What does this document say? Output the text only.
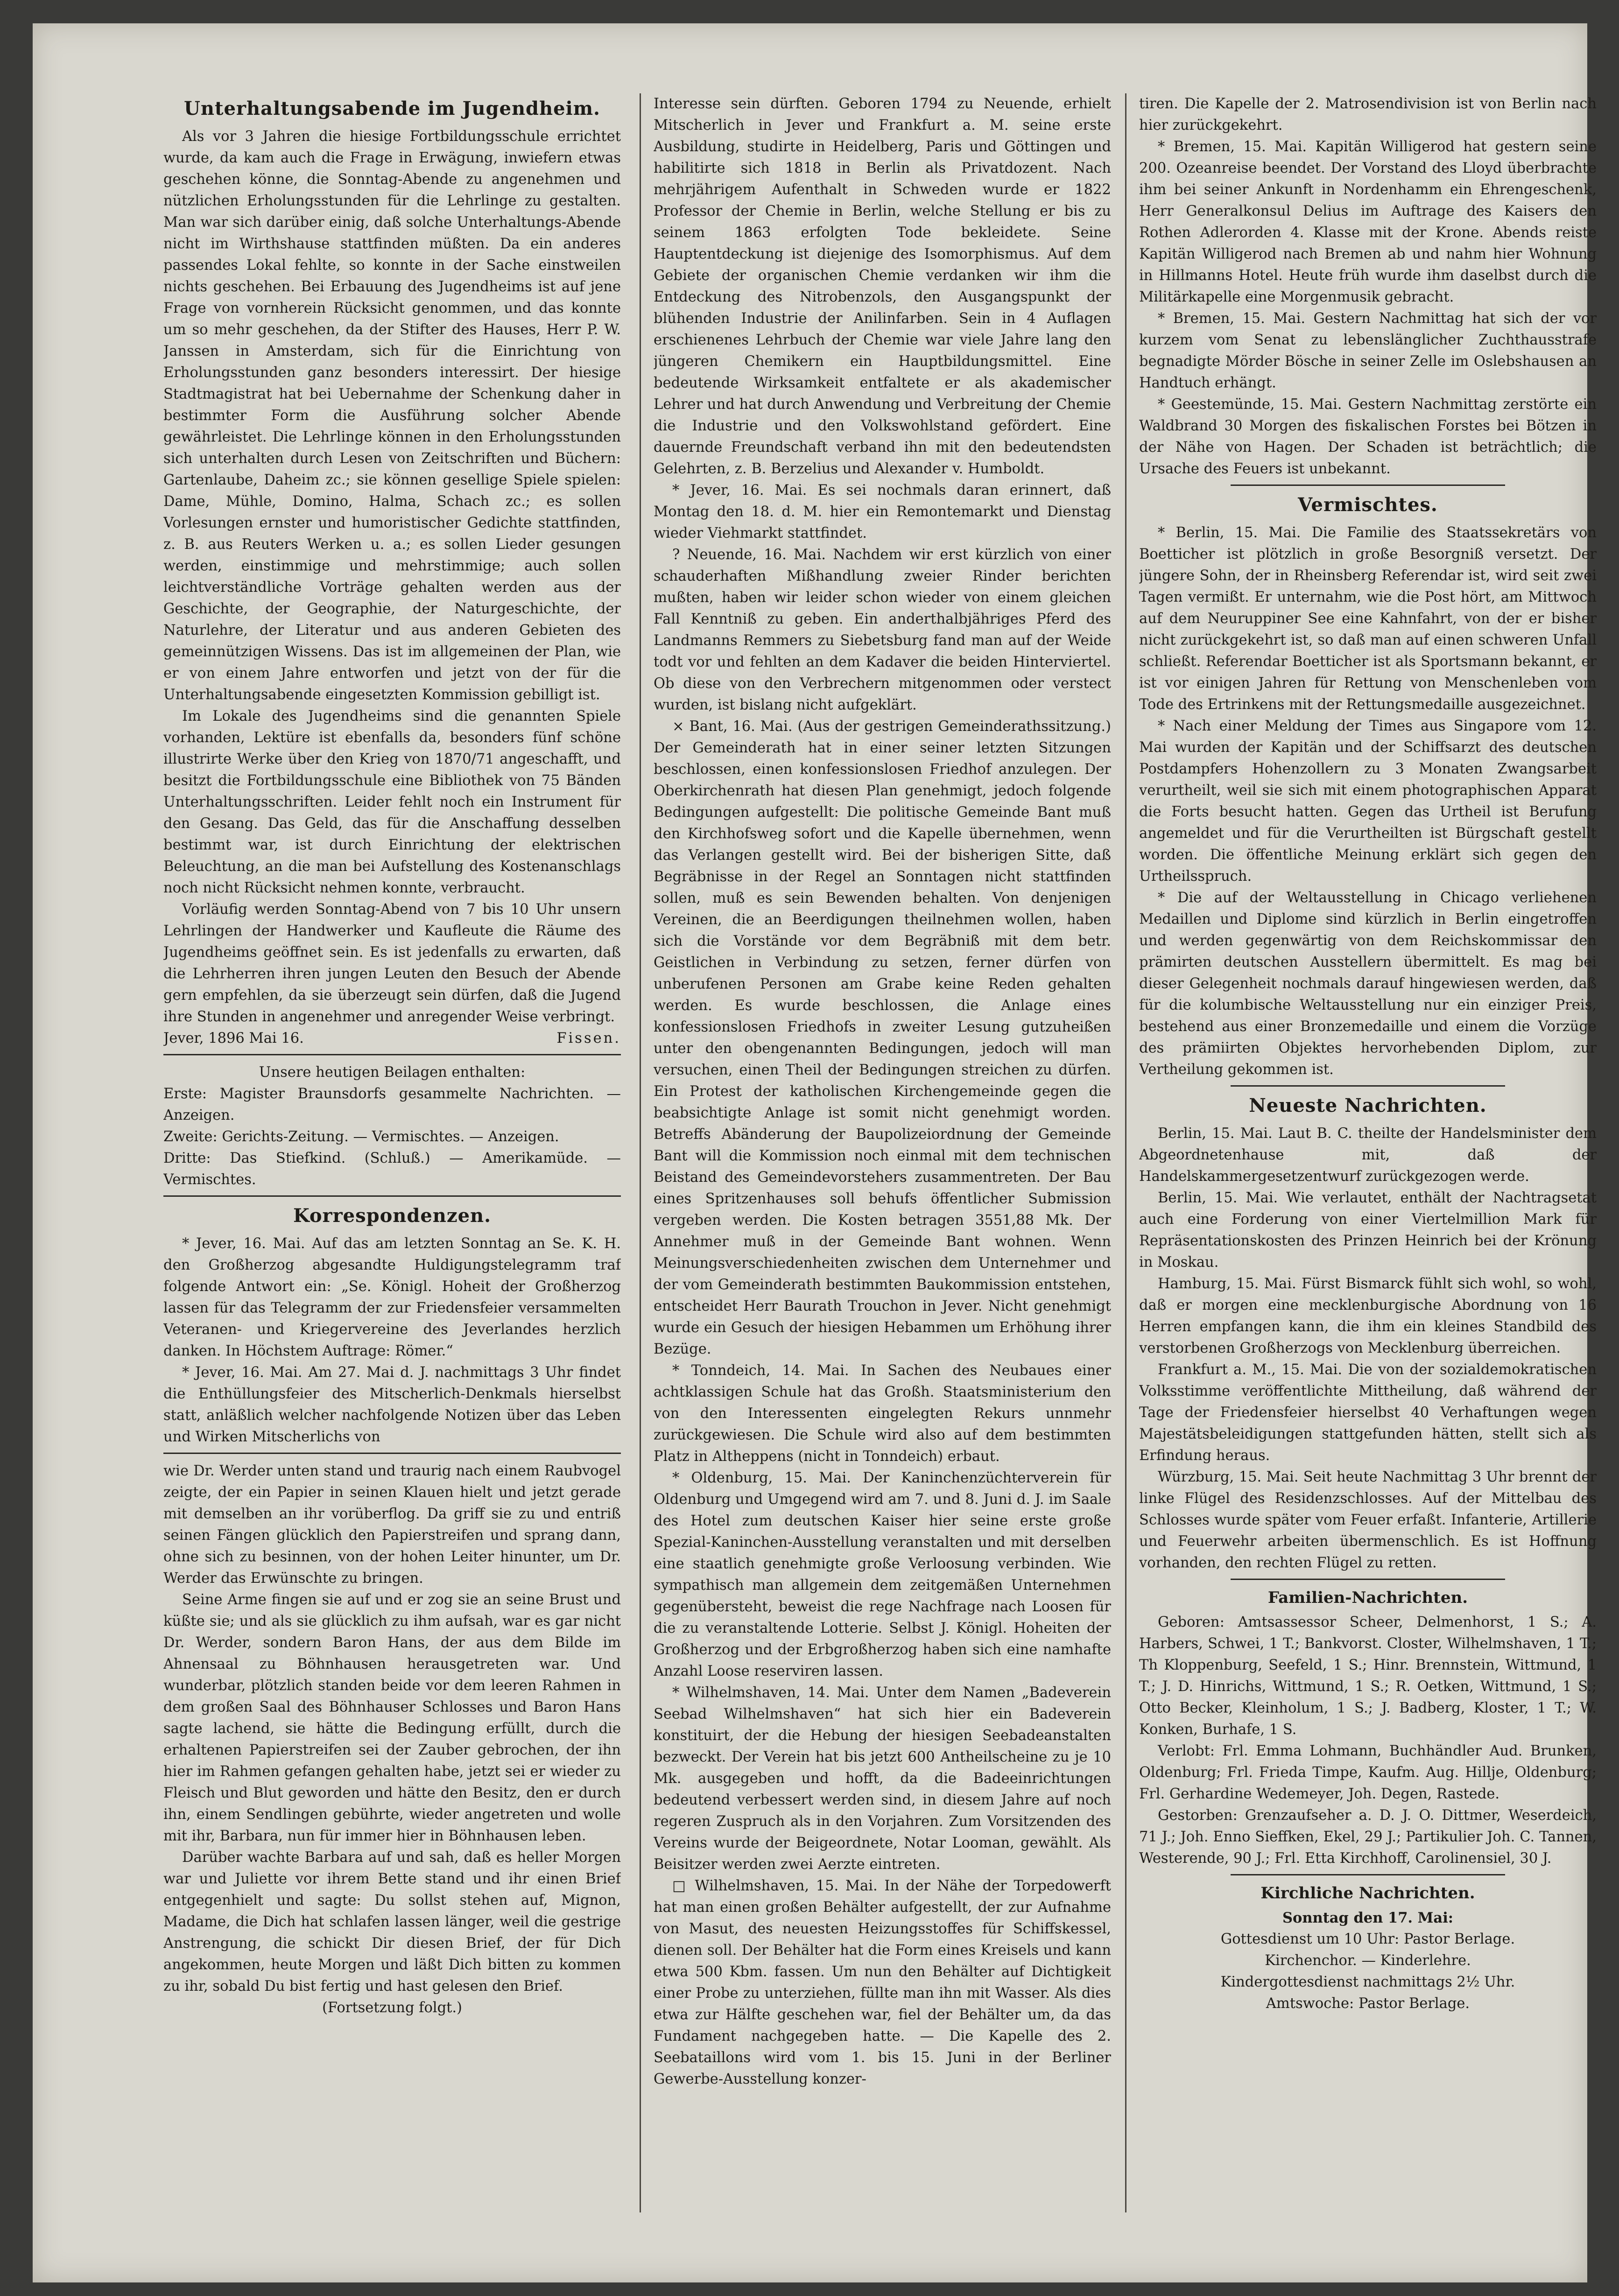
Unterhaltungsabende im Jugendheim.

Als vor 3 Jahren die hiesige Fortbildungsschule errichtet wurde, da kam auch die Frage in Erwägung, inwiefern etwas geschehen könne, die Sonntag-Abende zu angenehmen und nützlichen Erholungsstunden für die Lehrlinge zu gestalten. Man war sich darüber einig, daß solche Unterhaltungs-Abende nicht im Wirthshause stattfinden müßten. Da ein anderes passendes Lokal fehlte, so konnte in der Sache einstweilen nichts geschehen. Bei Erbauung des Jugendheims ist auf jene Frage von vornherein Rücksicht genommen, und das konnte um so mehr geschehen, da der Stifter des Hauses, Herr P. W. Janssen in Amsterdam, sich für die Einrichtung von Erholungsstunden ganz besonders interessirt. Der hiesige Stadtmagistrat hat bei Uebernahme der Schenkung daher in bestimmter Form die Ausführung solcher Abende gewährleistet. Die Lehrlinge können in den Erholungsstunden sich unterhalten durch Lesen von Zeitschriften und Büchern: Gartenlaube, Daheim zc.; sie können gesellige Spiele spielen: Dame, Mühle, Domino, Halma, Schach zc.; es sollen Vorlesungen ernster und humoristischer Gedichte stattfinden, z. B. aus Reuters Werken u. a.; es sollen Lieder gesungen werden, einstimmige und mehrstimmige; auch sollen leichtverständliche Vorträge gehalten werden aus der Geschichte, der Geographie, der Naturgeschichte, der Naturlehre, der Literatur und aus anderen Gebieten des gemeinnützigen Wissens. Das ist im allgemeinen der Plan, wie er von einem Jahre entworfen und jetzt von der für die Unterhaltungsabende eingesetzten Kommission gebilligt ist.

Im Lokale des Jugendheims sind die genannten Spiele vorhanden, Lektüre ist ebenfalls da, besonders fünf schöne illustrirte Werke über den Krieg von 1870/71 angeschafft, und besitzt die Fortbildungsschule eine Bibliothek von 75 Bänden Unterhaltungsschriften. Leider fehlt noch ein Instrument für den Gesang. Das Geld, das für die Anschaffung desselben bestimmt war, ist durch Einrichtung der elektrischen Beleuchtung, an die man bei Aufstellung des Kostenanschlags noch nicht Rücksicht nehmen konnte, verbraucht.

Vorläufig werden Sonntag-Abend von 7 bis 10 Uhr unsern Lehrlingen der Handwerker und Kaufleute die Räume des Jugendheims geöffnet sein. Es ist jedenfalls zu erwarten, daß die Lehrherren ihren jungen Leuten den Besuch der Abende gern empfehlen, da sie überzeugt sein dürfen, daß die Jugend ihre Stunden in angenehmer und anregender Weise verbringt.

Jever, 1896 Mai 16.	Fissen.

Unsere heutigen Beilagen enthalten:

Erste: Magister Braunsdorfs gesammelte Nachrichten. — Anzeigen.

Zweite: Gerichts-Zeitung. — Vermischtes. — Anzeigen.

Dritte: Das Stiefkind. (Schluß.) — Amerikamüde. — Vermischtes.

Korrespondenzen.

* Jever, 16. Mai. Auf das am letzten Sonntag an Se. K. H. den Großherzog abgesandte Huldigungstelegramm traf folgende Antwort ein: „Se. Königl. Hoheit der Großherzog lassen für das Telegramm der zur Friedensfeier versammelten Veteranen- und Kriegervereine des Jeverlandes herzlich danken. In Höchstem Auftrage: Römer.“

* Jever, 16. Mai. Am 27. Mai d. J. nachmittags 3 Uhr findet die Enthüllungsfeier des Mitscherlich-Denkmals hierselbst statt, anläßlich welcher nachfolgende Notizen über das Leben und Wirken Mitscherlichs von

wie Dr. Werder unten stand und traurig nach einem Raubvogel zeigte, der ein Papier in seinen Klauen hielt und jetzt gerade mit demselben an ihr vorüberflog. Da griff sie zu und entriß seinen Fängen glücklich den Papierstreifen und sprang dann, ohne sich zu besinnen, von der hohen Leiter hinunter, um Dr. Werder das Erwünschte zu bringen.

Seine Arme fingen sie auf und er zog sie an seine Brust und küßte sie; und als sie glücklich zu ihm aufsah, war es gar nicht Dr. Werder, sondern Baron Hans, der aus dem Bilde im Ahnensaal zu Böhnhausen herausgetreten war. Und wunderbar, plötzlich standen beide vor dem leeren Rahmen in dem großen Saal des Böhnhauser Schlosses und Baron Hans sagte lachend, sie hätte die Bedingung erfüllt, durch die erhaltenen Papierstreifen sei der Zauber gebrochen, der ihn hier im Rahmen gefangen gehalten habe, jetzt sei er wieder zu Fleisch und Blut geworden und hätte den Besitz, den er durch ihn, einem Sendlingen gebührte, wieder angetreten und wolle mit ihr, Barbara, nun für immer hier in Böhnhausen leben.

Darüber wachte Barbara auf und sah, daß es heller Morgen war und Juliette vor ihrem Bette stand und ihr einen Brief entgegenhielt und sagte: Du sollst stehen auf, Mignon, Madame, die Dich hat schlafen lassen länger, weil die gestrige Anstrengung, die schickt Dir diesen Brief, der für Dich angekommen, heute Morgen und läßt Dich bitten zu kommen zu ihr, sobald Du bist fertig und hast gelesen den Brief.

(Fortsetzung folgt.)

Interesse sein dürften. Geboren 1794 zu Neuende, erhielt Mitscherlich in Jever und Frankfurt a. M. seine erste Ausbildung, studirte in Heidelberg, Paris und Göttingen und habilitirte sich 1818 in Berlin als Privatdozent. Nach mehrjährigem Aufenthalt in Schweden wurde er 1822 Professor der Chemie in Berlin, welche Stellung er bis zu seinem 1863 erfolgten Tode bekleidete. Seine Hauptentdeckung ist diejenige des Isomorphismus. Auf dem Gebiete der organischen Chemie verdanken wir ihm die Entdeckung des Nitrobenzols, den Ausgangspunkt der blühenden Industrie der Anilinfarben. Sein in 4 Auflagen erschienenes Lehrbuch der Chemie war viele Jahre lang den jüngeren Chemikern ein Hauptbildungsmittel. Eine bedeutende Wirksamkeit entfaltete er als akademischer Lehrer und hat durch Anwendung und Verbreitung der Chemie die Industrie und den Volkswohlstand gefördert. Eine dauernde Freundschaft verband ihn mit den bedeutendsten Gelehrten, z. B. Berzelius und Alexander v. Humboldt.

* Jever, 16. Mai. Es sei nochmals daran erinnert, daß Montag den 18. d. M. hier ein Remontemarkt und Dienstag wieder Viehmarkt stattfindet.

? Neuende, 16. Mai. Nachdem wir erst kürzlich von einer schauderhaften Mißhandlung zweier Rinder berichten mußten, haben wir leider schon wieder von einem gleichen Fall Kenntniß zu geben. Ein anderthalbjähriges Pferd des Landmanns Remmers zu Siebetsburg fand man auf der Weide todt vor und fehlten an dem Kadaver die beiden Hinterviertel. Ob diese von den Verbrechern mitgenommen oder verstect wurden, ist bislang nicht aufgeklärt.

× Bant, 16. Mai. (Aus der gestrigen Gemeinderathssitzung.) Der Gemeinderath hat in einer seiner letzten Sitzungen beschlossen, einen konfessionslosen Friedhof anzulegen. Der Oberkirchenrath hat diesen Plan genehmigt, jedoch folgende Bedingungen aufgestellt: Die politische Gemeinde Bant muß den Kirchhofsweg sofort und die Kapelle übernehmen, wenn das Verlangen gestellt wird. Bei der bisherigen Sitte, daß Begräbnisse in der Regel an Sonntagen nicht stattfinden sollen, muß es sein Bewenden behalten. Von denjenigen Vereinen, die an Beerdigungen theilnehmen wollen, haben sich die Vorstände vor dem Begräbniß mit dem betr. Geistlichen in Verbindung zu setzen, ferner dürfen von unberufenen Personen am Grabe keine Reden gehalten werden. Es wurde beschlossen, die Anlage eines konfessionslosen Friedhofs in zweiter Lesung gutzuheißen unter den obengenannten Bedingungen, jedoch will man versuchen, einen Theil der Bedingungen streichen zu dürfen. Ein Protest der katholischen Kirchengemeinde gegen die beabsichtigte Anlage ist somit nicht genehmigt worden. Betreffs Abänderung der Baupolizeiordnung der Gemeinde Bant will die Kommission noch einmal mit dem technischen Beistand des Gemeindevorstehers zusammentreten. Der Bau eines Spritzenhauses soll behufs öffentlicher Submission vergeben werden. Die Kosten betragen 3551,88 Mk. Der Annehmer muß in der Gemeinde Bant wohnen. Wenn Meinungsverschiedenheiten zwischen dem Unternehmer und der vom Gemeinderath bestimmten Baukommission entstehen, entscheidet Herr Baurath Trouchon in Jever. Nicht genehmigt wurde ein Gesuch der hiesigen Hebammen um Erhöhung ihrer Bezüge.

* Tonndeich, 14. Mai. In Sachen des Neubaues einer achtklassigen Schule hat das Großh. Staatsministerium den von den Interessenten eingelegten Rekurs unnmehr zurückgewiesen. Die Schule wird also auf dem bestimmten Platz in Altheppens (nicht in Tonndeich) erbaut.

* Oldenburg, 15. Mai. Der Kaninchenzüchterverein für Oldenburg und Umgegend wird am 7. und 8. Juni d. J. im Saale des Hotel zum deutschen Kaiser hier seine erste große Spezial-Kaninchen-Ausstellung veranstalten und mit derselben eine staatlich genehmigte große Verloosung verbinden. Wie sympathisch man allgemein dem zeitgemäßen Unternehmen gegenübersteht, beweist die rege Nachfrage nach Loosen für die zu veranstaltende Lotterie. Selbst J. Königl. Hoheiten der Großherzog und der Erbgroßherzog haben sich eine namhafte Anzahl Loose reserviren lassen.

* Wilhelmshaven, 14. Mai. Unter dem Namen „Badeverein Seebad Wilhelmshaven“ hat sich hier ein Badeverein konstituirt, der die Hebung der hiesigen Seebadeanstalten bezweckt. Der Verein hat bis jetzt 600 Antheilscheine zu je 10 Mk. ausgegeben und hofft, da die Badeeinrichtungen bedeutend verbessert werden sind, in diesem Jahre auf noch regeren Zuspruch als in den Vorjahren. Zum Vorsitzenden des Vereins wurde der Beigeordnete, Notar Looman, gewählt. Als Beisitzer werden zwei Aerzte eintreten.

□ Wilhelmshaven, 15. Mai. In der Nähe der Torpedowerft hat man einen großen Behälter aufgestellt, der zur Aufnahme von Masut, des neuesten Heizungsstoffes für Schiffskessel, dienen soll. Der Behälter hat die Form eines Kreisels und kann etwa 500 Kbm. fassen. Um nun den Behälter auf Dichtigkeit einer Probe zu unterziehen, füllte man ihn mit Wasser. Als dies etwa zur Hälfte geschehen war, fiel der Behälter um, da das Fundament nachgegeben hatte. — Die Kapelle des 2. Seebataillons wird vom 1. bis 15. Juni in der Berliner Gewerbe-Ausstellung konzer-

tiren. Die Kapelle der 2. Matrosendivision ist von Berlin nach hier zurückgekehrt.

* Bremen, 15. Mai. Kapitän Willigerod hat gestern seine 200. Ozeanreise beendet. Der Vorstand des Lloyd überbrachte ihm bei seiner Ankunft in Nordenhamm ein Ehrengeschenk, Herr Generalkonsul Delius im Auftrage des Kaisers den Rothen Adlerorden 4. Klasse mit der Krone. Abends reiste Kapitän Willigerod nach Bremen ab und nahm hier Wohnung in Hillmanns Hotel. Heute früh wurde ihm daselbst durch die Militärkapelle eine Morgenmusik gebracht.

* Bremen, 15. Mai. Gestern Nachmittag hat sich der vor kurzem vom Senat zu lebenslänglicher Zuchthausstrafe begnadigte Mörder Bösche in seiner Zelle im Oslebshausen an Handtuch erhängt.

* Geestemünde, 15. Mai. Gestern Nachmittag zerstörte ein Waldbrand 30 Morgen des fiskalischen Forstes bei Bötzen in der Nähe von Hagen. Der Schaden ist beträchtlich; die Ursache des Feuers ist unbekannt.

Vermischtes.

* Berlin, 15. Mai. Die Familie des Staatssekretärs von Boetticher ist plötzlich in große Besorgniß versetzt. Der jüngere Sohn, der in Rheinsberg Referendar ist, wird seit zwei Tagen vermißt. Er unternahm, wie die Post hört, am Mittwoch auf dem Neuruppiner See eine Kahnfahrt, von der er bisher nicht zurückgekehrt ist, so daß man auf einen schweren Unfall schließt. Referendar Boetticher ist als Sportsmann bekannt, er ist vor einigen Jahren für Rettung von Menschenleben vom Tode des Ertrinkens mit der Rettungsmedaille ausgezeichnet.

* Nach einer Meldung der Times aus Singapore vom 12. Mai wurden der Kapitän und der Schiffsarzt des deutschen Postdampfers Hohenzollern zu 3 Monaten Zwangsarbeit verurtheilt, weil sie sich mit einem photographischen Apparat die Forts besucht hatten. Gegen das Urtheil ist Berufung angemeldet und für die Verurtheilten ist Bürgschaft gestellt worden. Die öffentliche Meinung erklärt sich gegen den Urtheilsspruch.

* Die auf der Weltausstellung in Chicago verliehenen Medaillen und Diplome sind kürzlich in Berlin eingetroffen und werden gegenwärtig von dem Reichskommissar den prämirten deutschen Ausstellern übermittelt. Es mag bei dieser Gelegenheit nochmals darauf hingewiesen werden, daß für die kolumbische Weltausstellung nur ein einziger Preis, bestehend aus einer Bronzemedaille und einem die Vorzüge des prämiirten Objektes hervorhebenden Diplom, zur Vertheilung gekommen ist.

Neueste Nachrichten.

Berlin, 15. Mai. Laut B. C. theilte der Handelsminister dem Abgeordnetenhause mit, daß der Handelskammergesetzentwurf zurückgezogen werde.

Berlin, 15. Mai. Wie verlautet, enthält der Nachtragsetat auch eine Forderung von einer Viertelmillion Mark für Repräsentationskosten des Prinzen Heinrich bei der Krönung in Moskau.

Hamburg, 15. Mai. Fürst Bismarck fühlt sich wohl, so wohl, daß er morgen eine mecklenburgische Abordnung von 16 Herren empfangen kann, die ihm ein kleines Standbild des verstorbenen Großherzogs von Mecklenburg überreichen.

Frankfurt a. M., 15. Mai. Die von der sozialdemokratischen Volksstimme veröffentlichte Mittheilung, daß während der Tage der Friedensfeier hierselbst 40 Verhaftungen wegen Majestätsbeleidigungen stattgefunden hätten, stellt sich als Erfindung heraus.

Würzburg, 15. Mai. Seit heute Nachmittag 3 Uhr brennt der linke Flügel des Residenzschlosses. Auf der Mittelbau des Schlosses wurde später vom Feuer erfaßt. Infanterie, Artillerie und Feuerwehr arbeiten übermenschlich. Es ist Hoffnung vorhanden, den rechten Flügel zu retten.

Familien-Nachrichten.

Geboren: Amtsassessor Scheer, Delmenhorst, 1 S.; A. Harbers, Schwei, 1 T.; Bankvorst. Closter, Wilhelmshaven, 1 T.; Th Kloppenburg, Seefeld, 1 S.; Hinr. Brennstein, Wittmund, 1 T.; J. D. Hinrichs, Wittmund, 1 S.; R. Oetken, Wittmund, 1 S.; Otto Becker, Kleinholum, 1 S.; J. Badberg, Kloster, 1 T.; W. Konken, Burhafe, 1 S.

Verlobt: Frl. Emma Lohmann, Buchhändler Aud. Brunken, Oldenburg; Frl. Frieda Timpe, Kaufm. Aug. Hillje, Oldenburg; Frl. Gerhardine Wedemeyer, Joh. Degen, Rastede.

Gestorben: Grenzaufseher a. D. J. O. Dittmer, Weserdeich, 71 J.; Joh. Enno Sieffken, Ekel, 29 J.; Partikulier Joh. C. Tannen, Westerende, 90 J.; Frl. Etta Kirchhoff, Carolinensiel, 30 J.

Kirchliche Nachrichten.

Sonntag den 17. Mai:

Gottesdienst um 10 Uhr: Pastor Berlage.

Kirchenchor. — Kinderlehre.

Kindergottesdienst nachmittags 2½ Uhr.

Amtswoche: Pastor Berlage.
